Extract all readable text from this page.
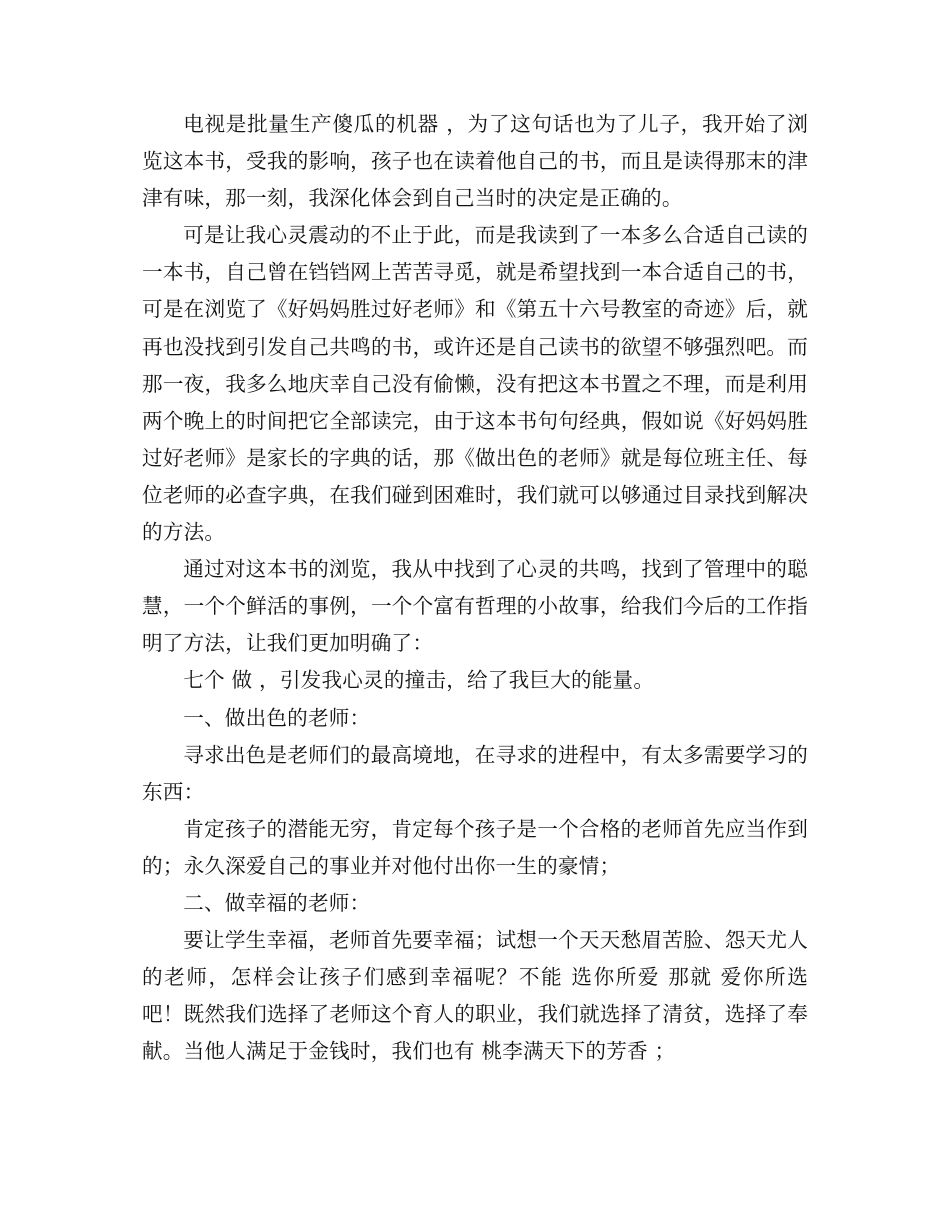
电视是批量生产傻瓜的机器 ，为了这句话也为了儿子，我开始了浏览这本书，受我的影响，孩子也在读着他自己的书，而且是读得那末的津津有味，那一刻，我深化体会到自己当时的决定是正确的。

可是让我心灵震动的不止于此，而是我读到了一本多么合适自己读的一本书，自己曾在铛铛网上苦苦寻觅，就是希望找到一本合适自己的书，可是在浏览了《好妈妈胜过好老师》和《第五十六号教室的奇迹》后，就再也没找到引发自己共鸣的书，或许还是自己读书的欲望不够强烈吧。而那一夜，我多么地庆幸自己没有偷懒，没有把这本书置之不理，而是利用两个晚上的时间把它全部读完，由于这本书句句经典，假如说《好妈妈胜过好老师》是家长的字典的话，那《做出色的老师》就是每位班主任、每位老师的必查字典，在我们碰到困难时，我们就可以够通过目录找到解决的方法。

通过对这本书的浏览，我从中找到了心灵的共鸣，找到了管理中的聪慧，一个个鲜活的事例，一个个富有哲理的小故事，给我们今后的工作指明了方法，让我们更加明确了：

七个 做 ，引发我心灵的撞击，给了我巨大的能量。

一、做出色的老师：

寻求出色是老师们的最高境地，在寻求的进程中，有太多需要学习的东西：

肯定孩子的潜能无穷，肯定每个孩子是一个合格的老师首先应当作到的；永久深爱自己的事业并对他付出你一生的豪情；

二、做幸福的老师：

要让学生幸福，老师首先要幸福；试想一个天天愁眉苦脸、怨天尤人的老师，怎样会让孩子们感到幸福呢？不能 选你所爱 那就 爱你所选 吧！既然我们选择了老师这个育人的职业，我们就选择了清贫，选择了奉献。当他人满足于金钱时，我们也有 桃李满天下的芳香 ；
